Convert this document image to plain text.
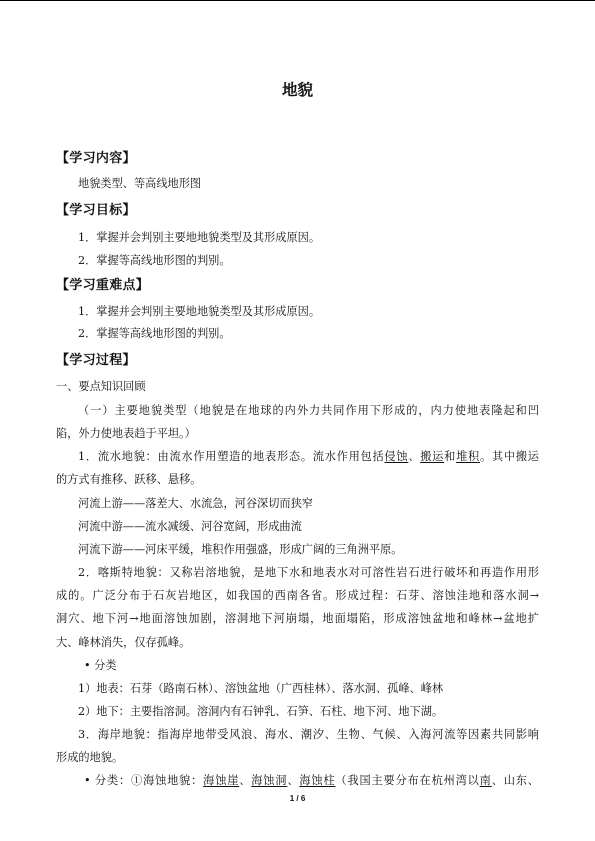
地貌
【学习内容】
地貌类型、等高线地形图
【学习目标】
1．掌握并会判别主要地地貌类型及其形成原因。
2．掌握等高线地形图的判别。
【学习重难点】
1．掌握并会判别主要地地貌类型及其形成原因。
2．掌握等高线地形图的判别。
【学习过程】
一、要点知识回顾
（一）主要地貌类型（地貌是在地球的内外力共同作用下形成的，内力使地表隆起和凹
陷，外力使地表趋于平坦。）
1．流水地貌：由流水作用塑造的地表形态。流水作用包括侵蚀、搬运和堆积。其中搬运
的方式有推移、跃移、悬移。
河流上游——落差大、水流急，河谷深切而狭窄
河流中游——流水减缓、河谷宽阔，形成曲流
河流下游——河床平缓，堆积作用强盛，形成广阔的三角洲平原。
2．喀斯特地貌：又称岩溶地貌，是地下水和地表水对可溶性岩石进行破坏和再造作用形
成的。广泛分布于石灰岩地区，如我国的西南各省。形成过程：石芽、溶蚀洼地和落水洞→
洞穴、地下河→地面溶蚀加剧，溶洞地下河崩塌，地面塌陷，形成溶蚀盆地和峰林→盆地扩
大、峰林消失，仅存孤峰。
• 分类
1）地表：石芽（路南石林）、溶蚀盆地（广西桂林）、落水洞、孤峰、峰林
2）地下：主要指溶洞。溶洞内有石钟乳、石笋、石柱、地下河、地下湖。
3．海岸地貌：指海岸地带受风浪、海水、潮汐、生物、气候、入海河流等因素共同影响
形成的地貌。
• 分类：①海蚀地貌：海蚀崖、海蚀洞、海蚀柱（我国主要分布在杭州湾以南、山东、
1 / 6
